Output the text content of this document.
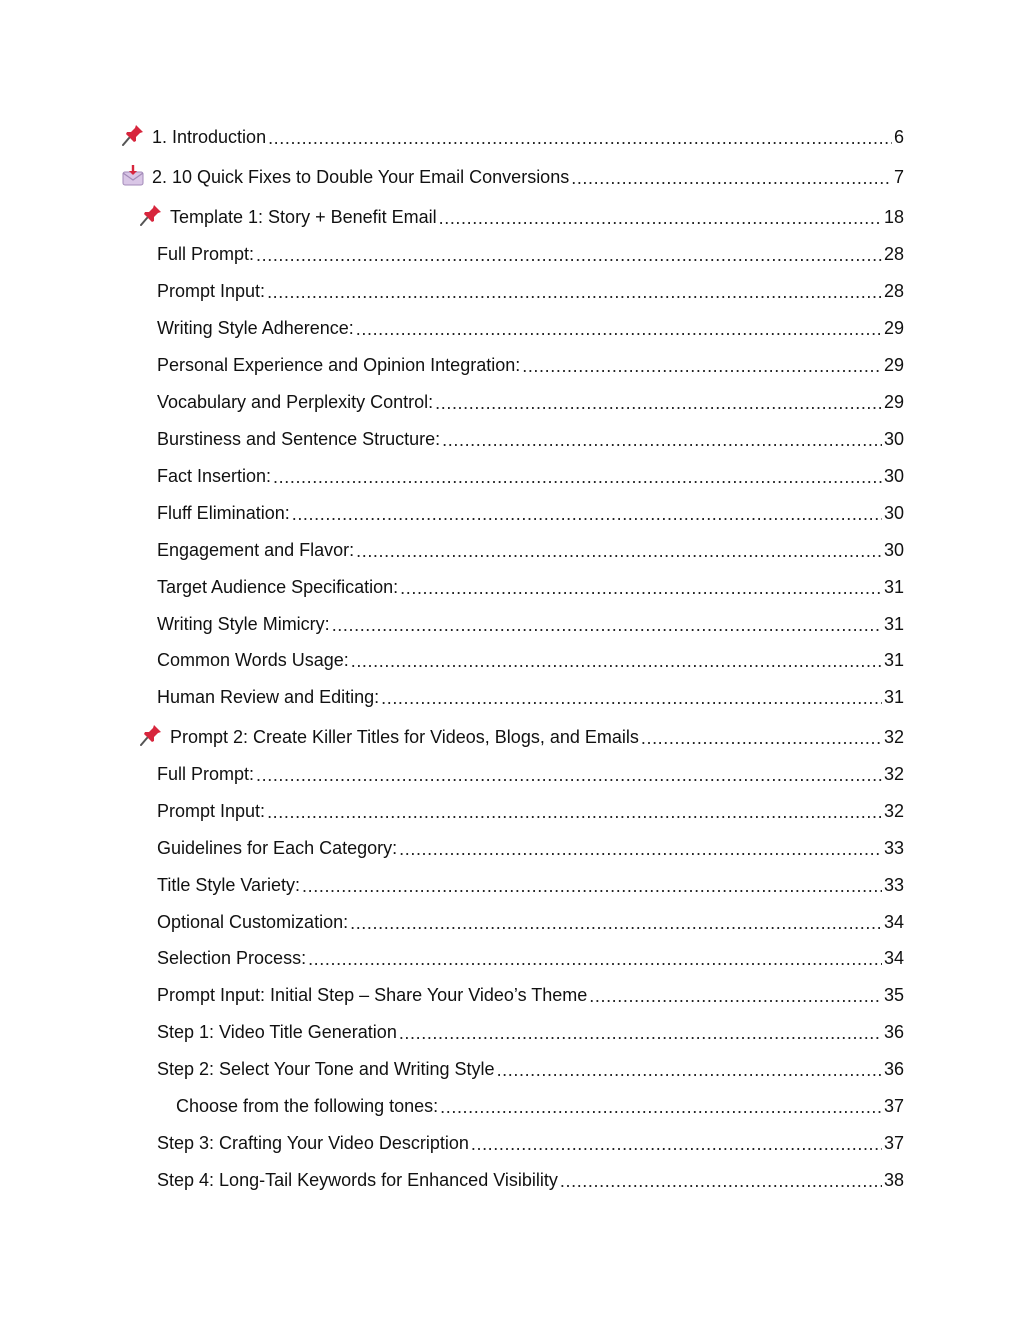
1. Introduction .....	6
2. 10 Quick Fixes to Double Your Email Conversions .....	7
Template 1: Story + Benefit Email .....	18
Full Prompt: .....	28
Prompt Input: .....	28
Writing Style Adherence: .....	29
Personal Experience and Opinion Integration: .....	29
Vocabulary and Perplexity Control: .....	29
Burstiness and Sentence Structure: .....	30
Fact Insertion: .....	30
Fluff Elimination: .....	30
Engagement and Flavor: .....	30
Target Audience Specification: .....	31
Writing Style Mimicry: .....	31
Common Words Usage: .....	31
Human Review and Editing: .....	31
Prompt 2: Create Killer Titles for Videos, Blogs, and Emails .....	32
Full Prompt: .....	32
Prompt Input: .....	32
Guidelines for Each Category: .....	33
Title Style Variety: .....	33
Optional Customization: .....	34
Selection Process: .....	34
Prompt Input: Initial Step – Share Your Video’s Theme .....	35
Step 1: Video Title Generation .....	36
Step 2: Select Your Tone and Writing Style .....	36
Choose from the following tones: .....	37
Step 3: Crafting Your Video Description .....	37
Step 4: Long-Tail Keywords for Enhanced Visibility .....	38
